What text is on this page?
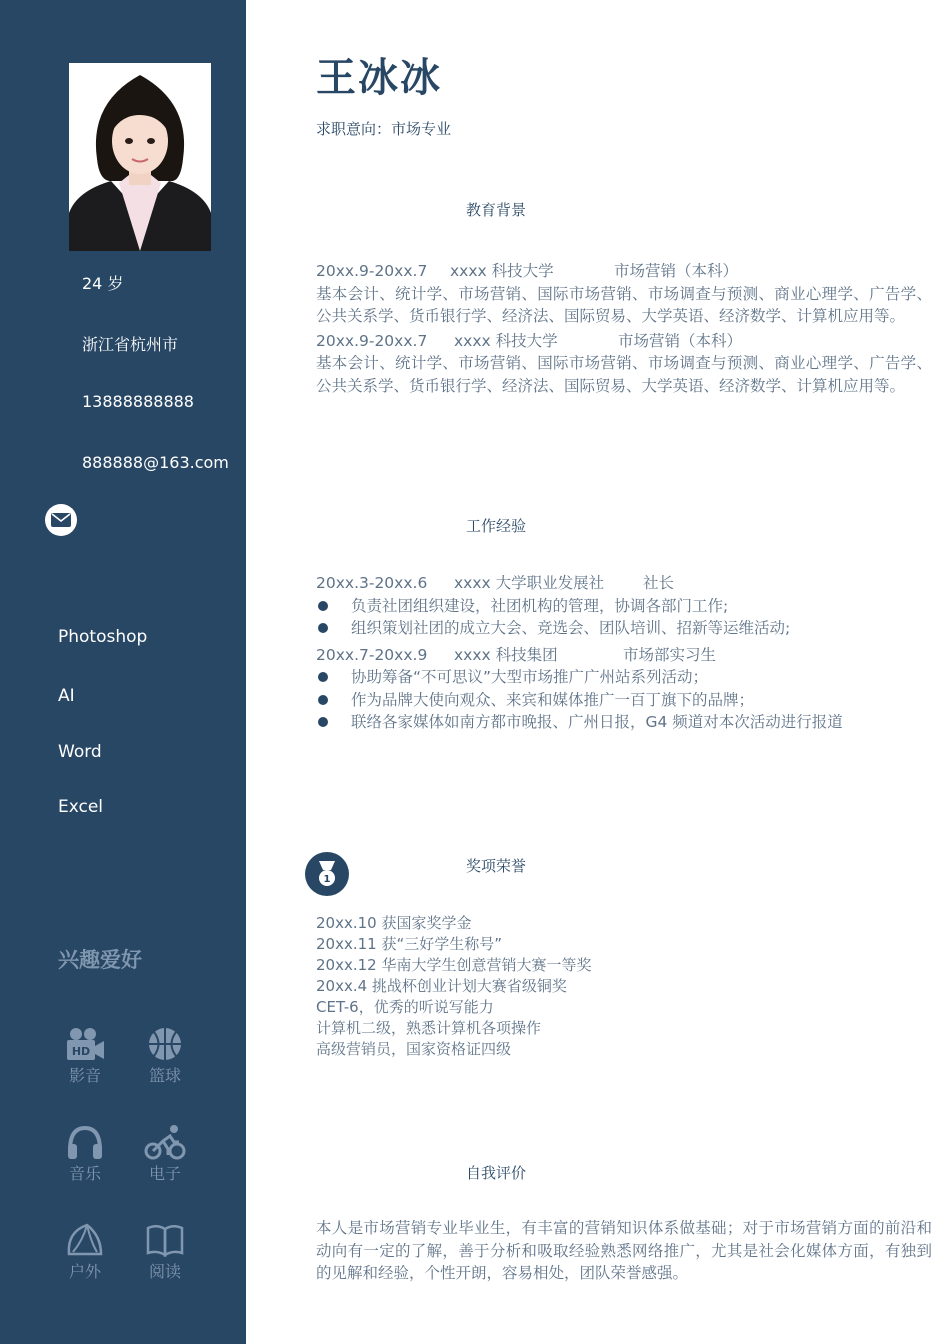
24 岁
浙江省杭州市
13888888888
888888@163.com
Photoshop
AI
Word
Excel
兴趣爱好
HD
影音	篮球
音乐	电子
户外	阅读
王冰冰
求职意向：市场专业
教育背景
20xx.9-20xx.7	xxxx 科技大学	市场营销（本科）
基本会计、统计学、市场营销、国际市场营销、市场调查与预测、商业心理学、广告学、公共关系学、货币银行学、经济法、国际贸易、大学英语、经济数学、计算机应用等。
20xx.9-20xx.7	xxxx 科技大学	市场营销（本科）
基本会计、统计学、市场营销、国际市场营销、市场调查与预测、商业心理学、广告学、公共关系学、货币银行学、经济法、国际贸易、大学英语、经济数学、计算机应用等。
工作经验
20xx.3-20xx.6	xxxx 大学职业发展社	社长
负责社团组织建设，社团机构的管理，协调各部门工作;
组织策划社团的成立大会、竞选会、团队培训、招新等运维活动;
20xx.7-20xx.9	xxxx 科技集团	市场部实习生
协助筹备“不可思议”大型市场推广广州站系列活动；
作为品牌大使向观众、来宾和媒体推广一百丁旗下的品牌；
联络各家媒体如南方都市晚报、广州日报，G4 频道对本次活动进行报道
1
奖项荣誉
20xx.10 获国家奖学金
20xx.11 获“三好学生称号”
20xx.12 华南大学生创意营销大赛一等奖
20xx.4 挑战杯创业计划大赛省级铜奖
CET-6，优秀的听说写能力
计算机二级，熟悉计算机各项操作
高级营销员，国家资格证四级
自我评价
本人是市场营销专业毕业生，有丰富的营销知识体系做基础；对于市场营销方面的前沿和动向有一定的了解，善于分析和吸取经验熟悉网络推广，尤其是社会化媒体方面，有独到的见解和经验，个性开朗，容易相处，团队荣誉感强。
